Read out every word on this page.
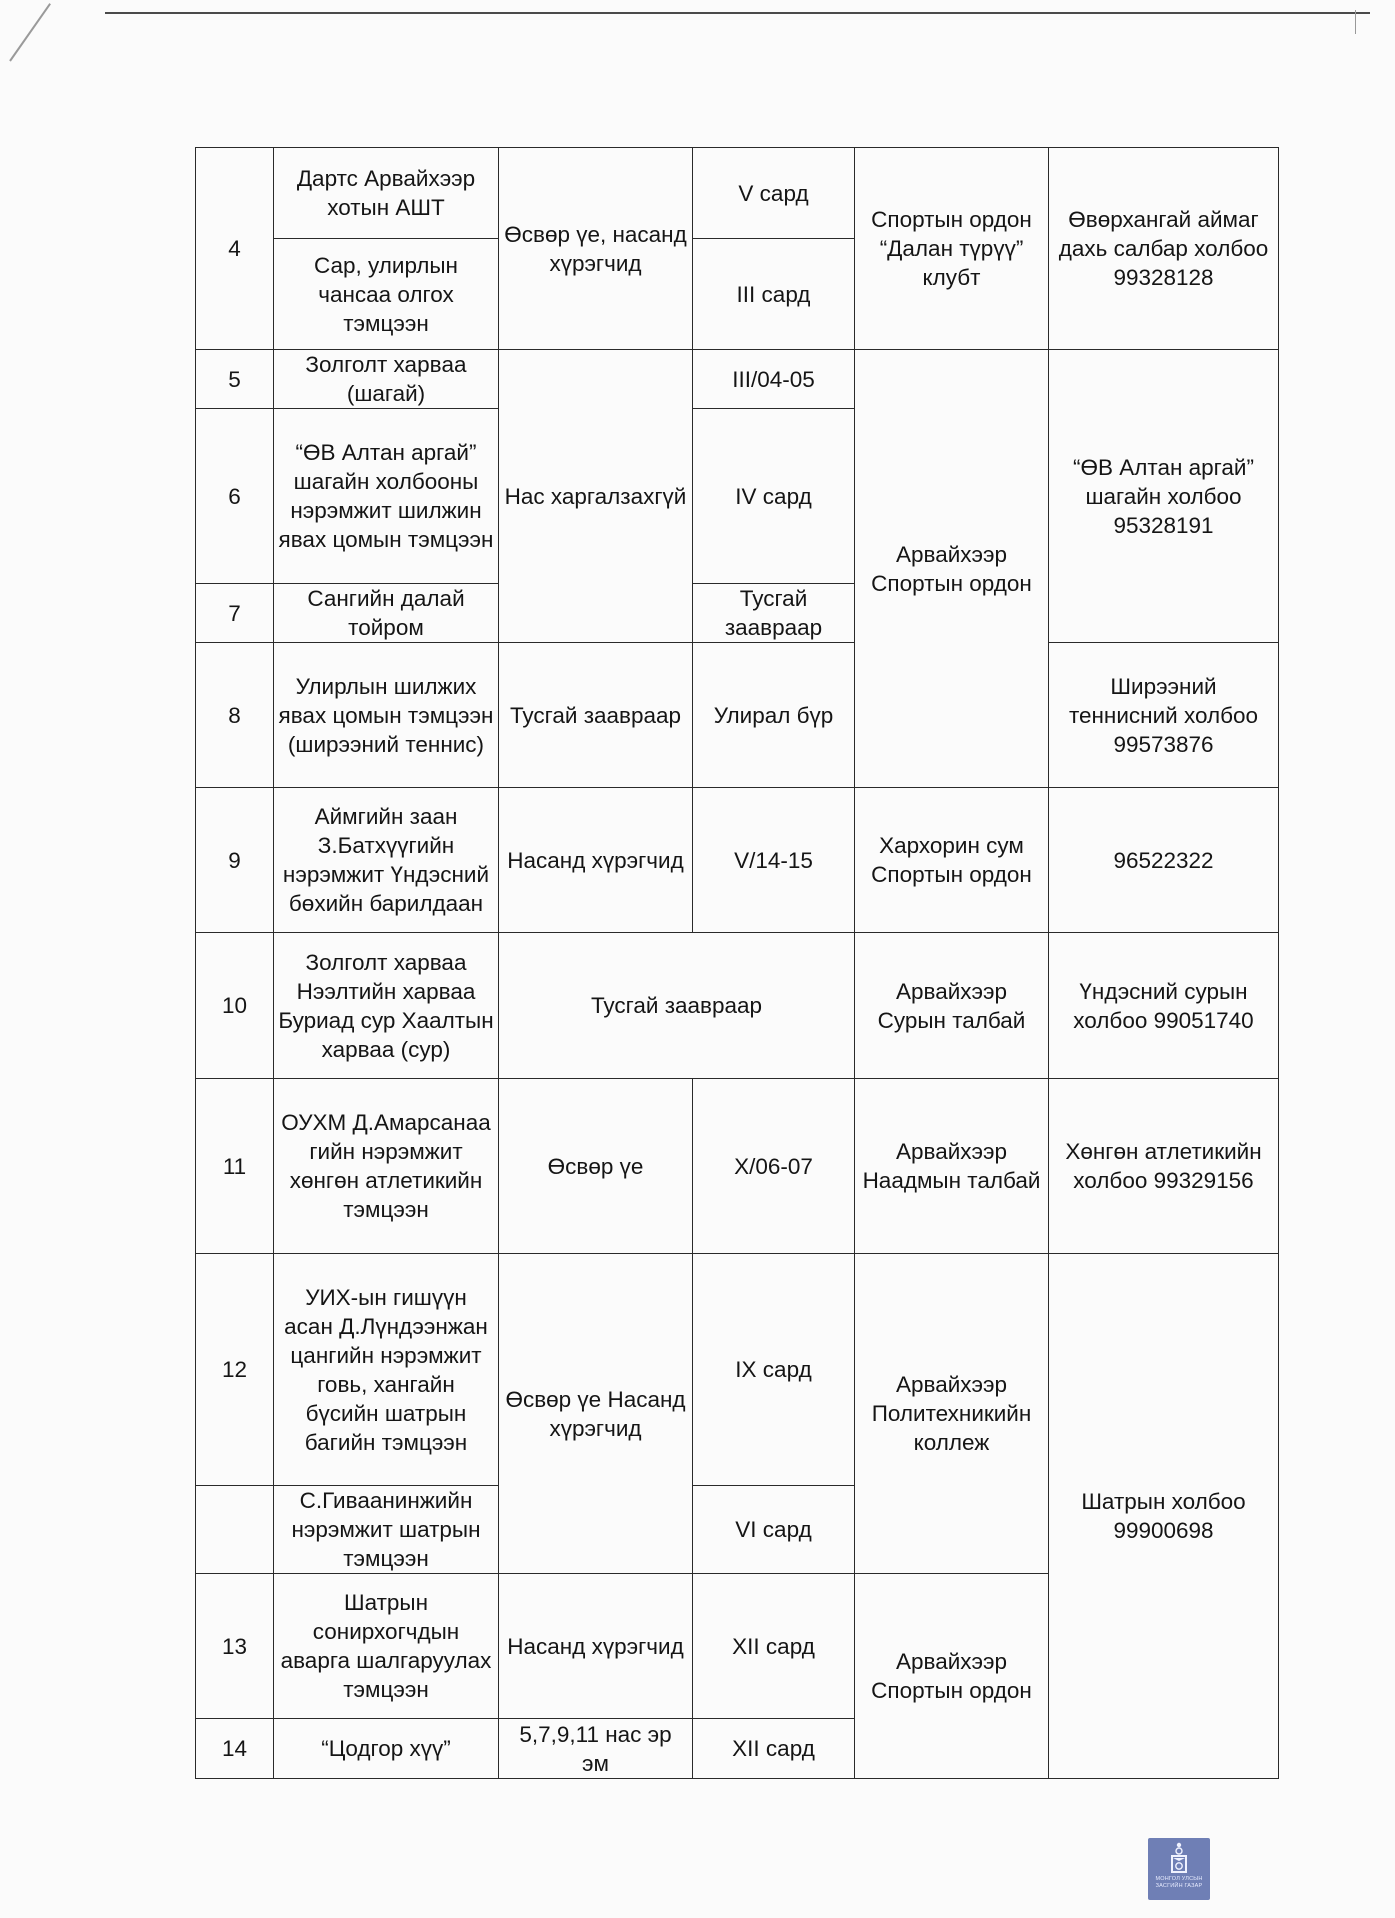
4	Дартс Арвайхээр хотын АШТ	Өсвөр үе, насанд хүрэгчид	V сард	Спортын ордон “Далан түрүү” клубт	Өвөрхангай аймаг дахь салбар холбоо 99328128
	Сар, улирлын чансаа олгох тэмцээн		III сард		
5	Золголт харвaa (шагай)	Нас харгалзахгүй	III/04-05	Арвайхээр Спортын ордон	“ӨВ Алтан аргай” шагайн холбоо 95328191
6	“ӨВ Алтан аргай” шагайн холбооны нэрэмжит шилжин явах цомын тэмцээн		IV сард		
7	Сангийн далай тойром		Тусгай заавраар		
8	Улирлын шилжих явах цомын тэмцээн (ширээний теннис)	Тусгай заавраар	Улирал бүр		Ширээний теннисний холбоо 99573876
9	Аймгийн заан З.Батхүүгийн нэрэмжит Үндэсний бөхийн барилдаан	Насанд хүрэгчид	V/14-15	Хархорин сум Спортын ордон	96522322
10	Золголт харваа Нээлтийн харваа Буриад сур Хаалтын харваа (сур)	Тусгай заавраар		Арвайхээр Сурын талбай	Үндэсний сурын холбоо 99051740
11	ОУХМ Д.Амарсанаа гийн нэрэмжит хөнгөн атлетикийн тэмцээн	Өсвөр үе	X/06-07	Арвайхээр Наадмын талбай	Хөнгөн атлетикийн холбоо 99329156
12	УИХ-ын гишүүн асан Д.Лүндээнжан цангийн нэрэмжит говь, хангайн бүсийн шатрын багийн тэмцээн	Өсвөр үе Насанд хүрэгчид	IX сард	Арвайхээр Политехникийн коллеж	Шатрын холбоо 99900698
	С.Гиваанинжийн нэрэмжит шатрын тэмцээн		VI сард		
13	Шатрын сонирхогчдын аварга шалгаруулах тэмцээн	Насанд хүрэгчид	XII сард	Арвайхээр Спортын ордон	
14	“Цодгор хүү”	5,7,9,11 нас эр эм	XII сард		
МОНГОЛ УЛСЫН ЗАСГИЙН ГАЗАР
